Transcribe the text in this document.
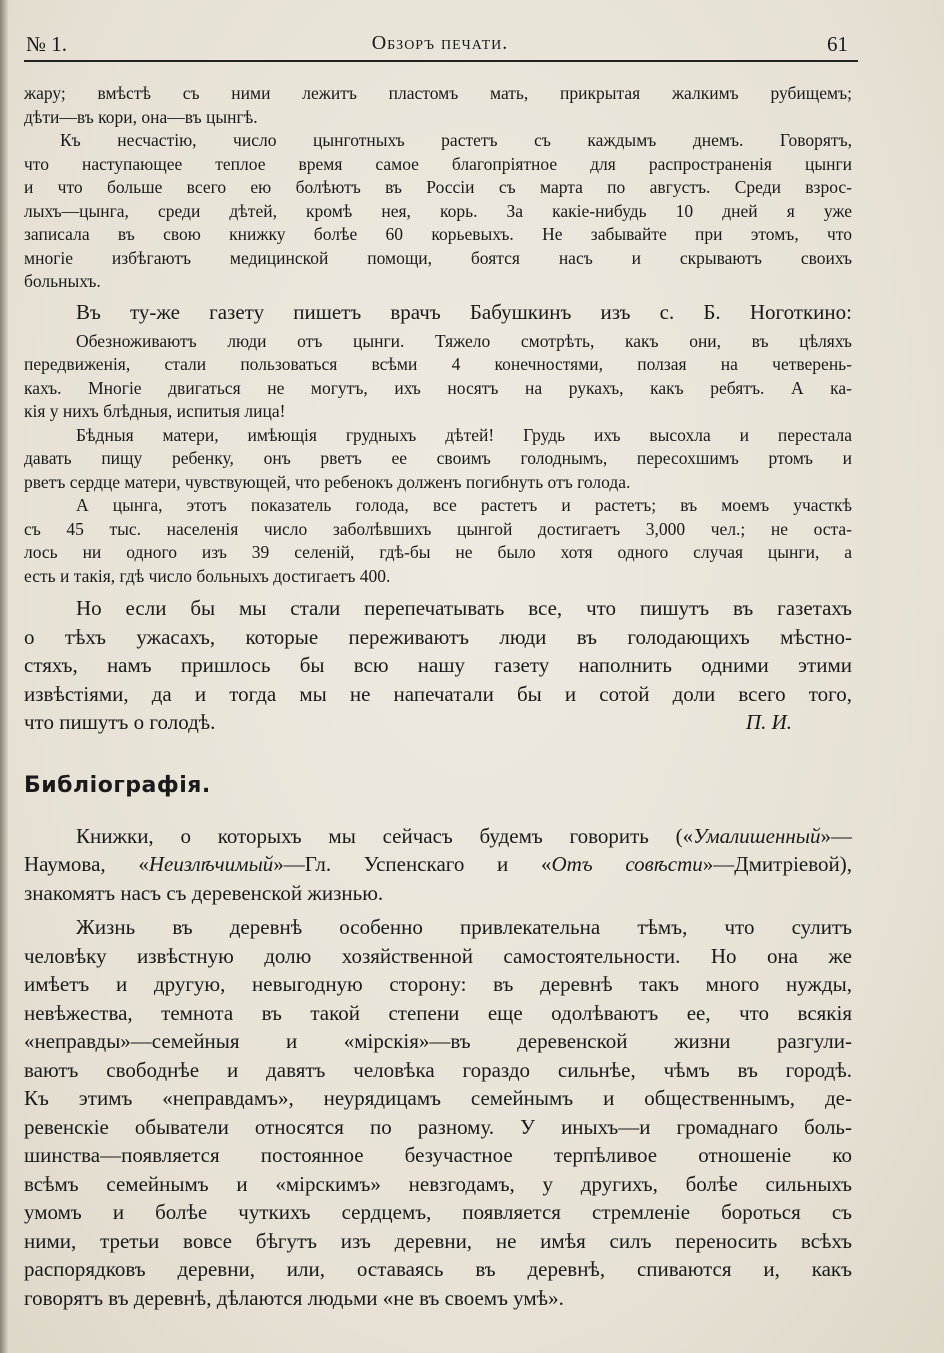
№ 1.	Обзоръ печати.	61

жару; вмѣстѣ съ ними лежитъ пластомъ мать, прикрытая жалкимъ рубищемъ;

дѣти—въ кори, она—въ цынгѣ.

Къ несчастію, число цынготныхъ растетъ съ каждымъ днемъ. Говорятъ,

что наступающее теплое время самое благопріятное для распространенія цынги

и что больше всего ею болѣютъ въ Россіи съ марта по августъ. Среди взрос-

лыхъ—цынга, среди дѣтей, кромѣ нея, корь. За какіе-нибудь 10 дней я уже

записала въ свою книжку болѣе 60 корьевыхъ. Не забывайте при этомъ, что

многіе избѣгаютъ медицинской помощи, боятся насъ и скрываютъ своихъ

больныхъ.

Въ ту-же газету пишетъ врачъ Бабушкинъ изъ с. Б. Ноготкино:

Обезноживаютъ люди отъ цынги. Тяжело смотрѣть, какъ они, въ цѣляхъ

передвиженія, стали пользоваться всѣми 4 конечностями, ползая на четверень-

кахъ. Многіе двигаться не могутъ, ихъ носятъ на рукахъ, какъ ребятъ. А ка-

кія у нихъ блѣдныя, испитыя лица!

Бѣдныя матери, имѣющія грудныхъ дѣтей! Грудь ихъ высохла и перестала

давать пищу ребенку, онъ рветъ ее своимъ голоднымъ, пересохшимъ ртомъ и

рветъ сердце матери, чувствующей, что ребенокъ долженъ погибнуть отъ голода.

А цынга, этотъ показатель голода, все растетъ и растетъ; въ моемъ участкѣ

съ 45 тыс. населенія число заболѣвшихъ цынгой достигаетъ 3,000 чел.; не оста-

лось ни одного изъ 39 селеній, гдѣ-бы не было хотя одного случая цынги, а

есть и такія, гдѣ число больныхъ достигаетъ 400.

Но если бы мы стали перепечатывать все, что пишутъ въ газетахъ

о тѣхъ ужасахъ, которые переживаютъ люди въ голодающихъ мѣстно-

стяхъ, намъ пришлось бы всю нашу газету наполнить одними этими

извѣстіями, да и тогда мы не напечатали бы и сотой доли всего того,

что пишутъ о голодѣ.	П. И.

Библіографія.

Книжки, о которыхъ мы сейчасъ будемъ говорить («Умалишенный»—

Наумова, «Неизлѣчимый»—Гл. Успенскаго и «Отъ совѣсти»—Дмитріевой),

знакомятъ насъ съ деревенской жизнью.

Жизнь въ деревнѣ особенно привлекательна тѣмъ, что сулитъ

человѣку извѣстную долю хозяйственной самостоятельности. Но она же

имѣетъ и другую, невыгодную сторону: въ деревнѣ такъ много нужды,

невѣжества, темнота въ такой степени еще одолѣваютъ ее, что всякія

«неправды»—семейныя и «мірскія»—въ деревенской жизни разгули-

ваютъ свободнѣе и давятъ человѣка гораздо сильнѣе, чѣмъ въ городѣ.

Къ этимъ «неправдамъ», неурядицамъ семейнымъ и общественнымъ, де-

ревенскіе обыватели относятся по разному. У иныхъ—и громаднаго боль-

шинства—появляется постоянное безучастное терпѣливое отношеніе ко

всѣмъ семейнымъ и «мірскимъ» невзгодамъ, у другихъ, болѣе сильныхъ

умомъ и болѣе чуткихъ сердцемъ, появляется стремленіе бороться съ

ними, третьи вовсе бѣгутъ изъ деревни, не имѣя силъ переносить всѣхъ

распорядковъ деревни, или, оставаясь въ деревнѣ, спиваются и, какъ

говорятъ въ деревнѣ, дѣлаются людьми «не въ своемъ умѣ».
